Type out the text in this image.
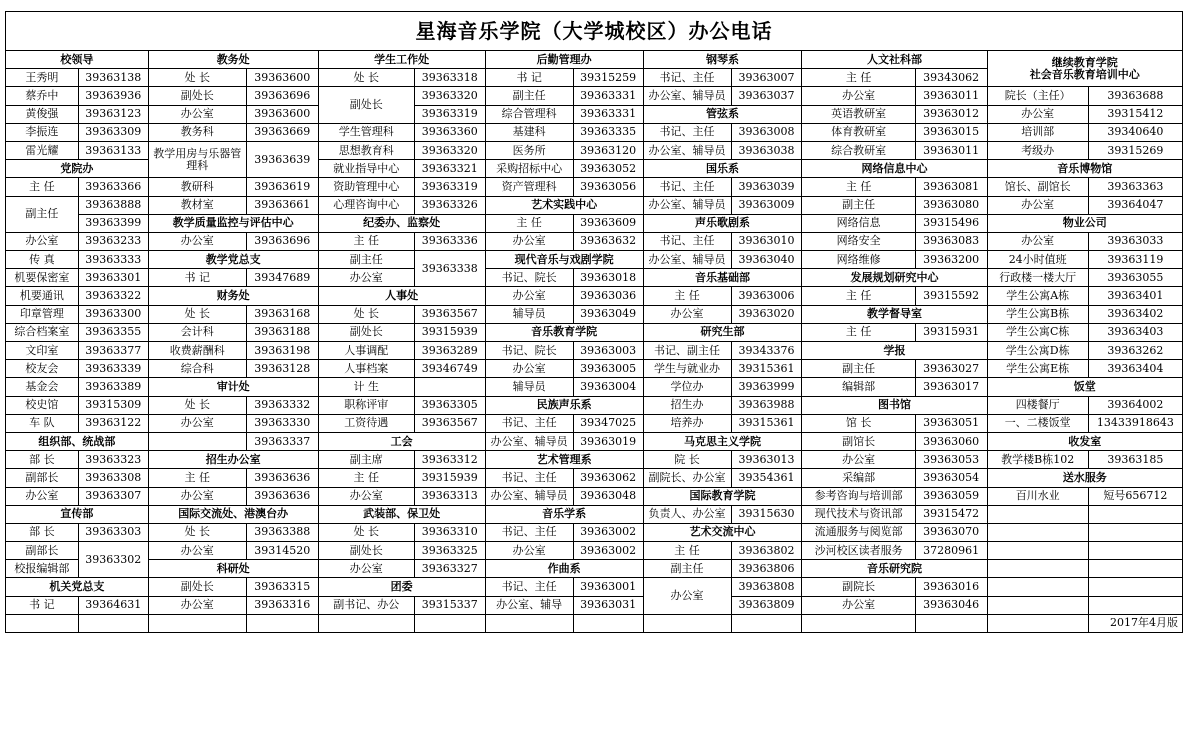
星海音乐学院（大学城校区）办公电话
校领导		教务处		学生工作处		后勤管理办		钢琴系		人文社科部		继续教育学院
社会音乐教育培训中心	
王秀明	39363138	处 长	39363600	处 长	39363318	书 记	39315259	书记、主任	39363007	主 任	39343062		
蔡乔中	39363936	副处长	39363696	副处长	39363320	副主任	39363331	办公室、辅导员	39363037	办公室	39363011	院长（主任）	39363688
黄俊强	39363123	办公室	39363600		39363319	综合管理科	39363331	管弦系		英语教研室	39363012	办公室	39315412
李振连	39363309	教务科	39363669	学生管理科	39363360	基建科	39363335	书记、主任	39363008	体育教研室	39363015	培训部	39340640
雷光耀	39363133	教学用房与乐器管理科	39363639	思想教育科	39363320	医务所	39363120	办公室、辅导员	39363038	综合教研室	39363011	考级办	39315269
党院办				就业指导中心	39363321	采购招标中心	39363052	国乐系		网络信息中心		音乐博物馆	
主 任	39363366	教研科	39363619	资助管理中心	39363319	资产管理科	39363056	书记、主任	39363039	主 任	39363081	馆长、副馆长	39363363
副主任	39363888	教材室	39363661	心理咨询中心	39363326	艺术实践中心		办公室、辅导员	39363009	副主任	39363080	办公室	39364047
	39363399	教学质量监控与评估中心		纪委办、监察处		主 任	39363609	声乐歌剧系		网络信息	39315496	物业公司	
办公室	39363233	办公室	39363696	主 任	39363336	办公室	39363632	书记、主任	39363010	网络安全	39363083	办公室	39363033
传 真	39363333	教学党总支		副主任	39363338	现代音乐与戏剧学院		办公室、辅导员	39363040	网络维修	39363200	24小时值班	39363119
机要保密室	39363301	书 记	39347689	办公室		书记、院长	39363018	音乐基础部		发展规划研究中心		行政楼一楼大厅	39363055
机要通讯	39363322	财务处		人事处		办公室	39363036	主 任	39363006	主 任	39315592	学生公寓A栋	39363401
印章管理	39363300	处 长	39363168	处 长	39363567	辅导员	39363049	办公室	39363020	教学督导室		学生公寓B栋	39363402
综合档案室	39363355	会计科	39363188	副处长	39315939	音乐教育学院		研究生部		主 任	39315931	学生公寓C栋	39363403
文印室	39363377	收费薪酬科	39363198	人事调配	39363289	书记、院长	39363003	书记、副主任	39343376	学报		学生公寓D栋	39363262
校友会	39363339	综合科	39363128	人事档案	39346749	办公室	39363005	学生与就业办	39315361	副主任	39363027	学生公寓E栋	39363404
基金会	39363389	审计处		计 生		辅导员	39363004	学位办	39363999	编辑部	39363017	饭堂	
校史馆	39315309	处 长	39363332	职称评审	39363305	民族声乐系		招生办	39363988	图书馆		四楼餐厅	39364002
车 队	39363122	办公室	39363330	工资待遇	39363567	书记、主任	39347025	培养办	39315361	馆 长	39363051	一、二楼饭堂	13433918643
组织部、统战部			39363337	工会		办公室、辅导员	39363019	马克思主义学院		副馆长	39363060	收发室	
部 长	39363323	招生办公室		副主席	39363312	艺术管理系		院 长	39363013	办公室	39363053	教学楼B栋102	39363185
副部长	39363308	主 任	39363636	主 任	39315939	书记、主任	39363062	副院长、办公室	39354361	采编部	39363054	送水服务	
办公室	39363307	办公室	39363636	办公室	39363313	办公室、辅导员	39363048	国际教育学院		参考咨询与培训部	39363059	百川水业	短号656712
宣传部		国际交流处、港澳台办		武装部、保卫处		音乐学系		负责人、办公室	39315630	现代技术与资讯部	39315472		
部 长	39363303	处 长	39363388	处 长	39363310	书记、主任	39363002	艺术交流中心		流通服务与阅览部	39363070		
副部长	39363302	办公室	39314520	副处长	39363325	办公室	39363002	主 任	39363802	沙河校区读者服务	37280961		
校报编辑部		科研处		办公室	39363327	作曲系		副主任	39363806	音乐研究院			
机关党总支		副处长	39363315	团委		书记、主任	39363001	办公室	39363808	副院长	39363016		
书 记	39364631	办公室	39363316	副书记、办公	39315337	办公室、辅导	39363031		39363809	办公室	39363046		
													2017年4月版
